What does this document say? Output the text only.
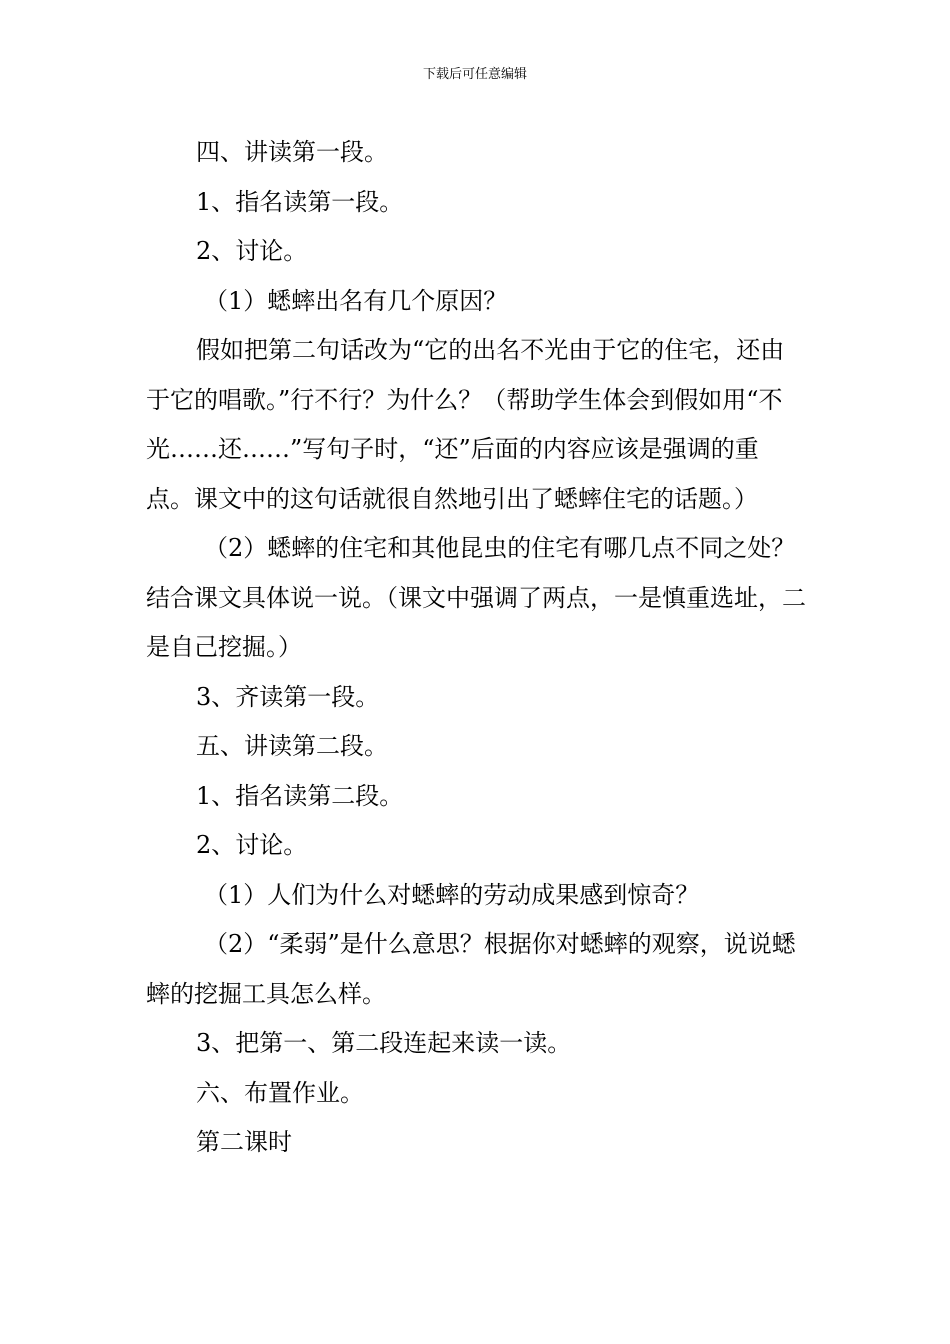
下载后可任意编辑

四、讲读第一段。

1、指名读第一段。

2、讨论。

（1）蟋蟀出名有几个原因？

假如把第二句话改为“它的出名不光由于它的住宅，还由于它的唱歌。”行不行？为什么？（帮助学生体会到假如用“不光……还……”写句子时，“还”后面的内容应该是强调的重点。课文中的这句话就很自然地引出了蟋蟀住宅的话题。）

（2）蟋蟀的住宅和其他昆虫的住宅有哪几点不同之处？

结合课文具体说一说。（课文中强调了两点，一是慎重选址，二是自己挖掘。）

3、齐读第一段。

五、讲读第二段。

1、指名读第二段。

2、讨论。

（1）人们为什么对蟋蟀的劳动成果感到惊奇？

（2）“柔弱”是什么意思？根据你对蟋蟀的观察，说说蟋蟀的挖掘工具怎么样。

3、把第一、第二段连起来读一读。

六、布置作业。

第二课时
